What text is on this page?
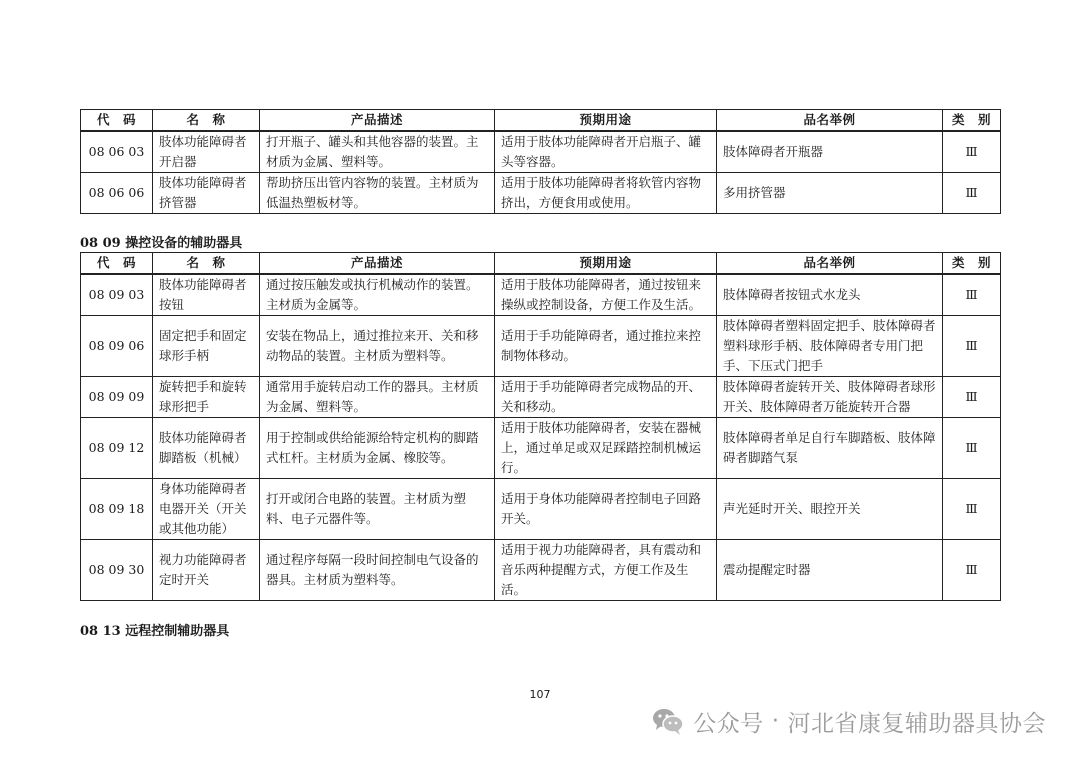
代　码	名　称	产品描述	预期用途	品名举例	类　别
08 06 03	肢体功能障碍者开启器	打开瓶子、罐头和其他容器的装置。主材质为金属、塑料等。	适用于肢体功能障碍者开启瓶子、罐头等容器。	肢体障碍者开瓶器	Ⅲ
08 06 06	肢体功能障碍者挤管器	帮助挤压出管内容物的装置。主材质为低温热塑板材等。	适用于肢体功能障碍者将软管内容物挤出，方便食用或使用。	多用挤管器	Ⅲ
08 09 操控设备的辅助器具
代　码	名　称	产品描述	预期用途	品名举例	类　别
08 09 03	肢体功能障碍者按钮	通过按压触发或执行机械动作的装置。主材质为金属等。	适用于肢体功能障碍者，通过按钮来操纵或控制设备，方便工作及生活。	肢体障碍者按钮式水龙头	Ⅲ
08 09 06	固定把手和固定球形手柄	安装在物品上，通过推拉来开、关和移动物品的装置。主材质为塑料等。	适用于手功能障碍者，通过推拉来控制物体移动。	肢体障碍者塑料固定把手、肢体障碍者塑料球形手柄、肢体障碍者专用门把手、下压式门把手	Ⅲ
08 09 09	旋转把手和旋转球形把手	通常用手旋转启动工作的器具。主材质为金属、塑料等。	适用于手功能障碍者完成物品的开、关和移动。	肢体障碍者旋转开关、肢体障碍者球形开关、肢体障碍者万能旋转开合器	Ⅲ
08 09 12	肢体功能障碍者脚踏板（机械）	用于控制或供给能源给特定机构的脚踏式杠杆。主材质为金属、橡胶等。	适用于肢体功能障碍者，安装在器械上，通过单足或双足踩踏控制机械运行。	肢体障碍者单足自行车脚踏板、肢体障碍者脚踏气泵	Ⅲ
08 09 18	身体功能障碍者电器开关（开关或其他功能）	打开或闭合电路的装置。主材质为塑料、电子元器件等。	适用于身体功能障碍者控制电子回路开关。	声光延时开关、眼控开关	Ⅲ
08 09 30	视力功能障碍者定时开关	通过程序每隔一段时间控制电气设备的器具。主材质为塑料等。	适用于视力功能障碍者，具有震动和音乐两种提醒方式，方便工作及生活。	震动提醒定时器	Ⅲ
08 13 远程控制辅助器具
107
公众号 · 河北省康复辅助器具协会
